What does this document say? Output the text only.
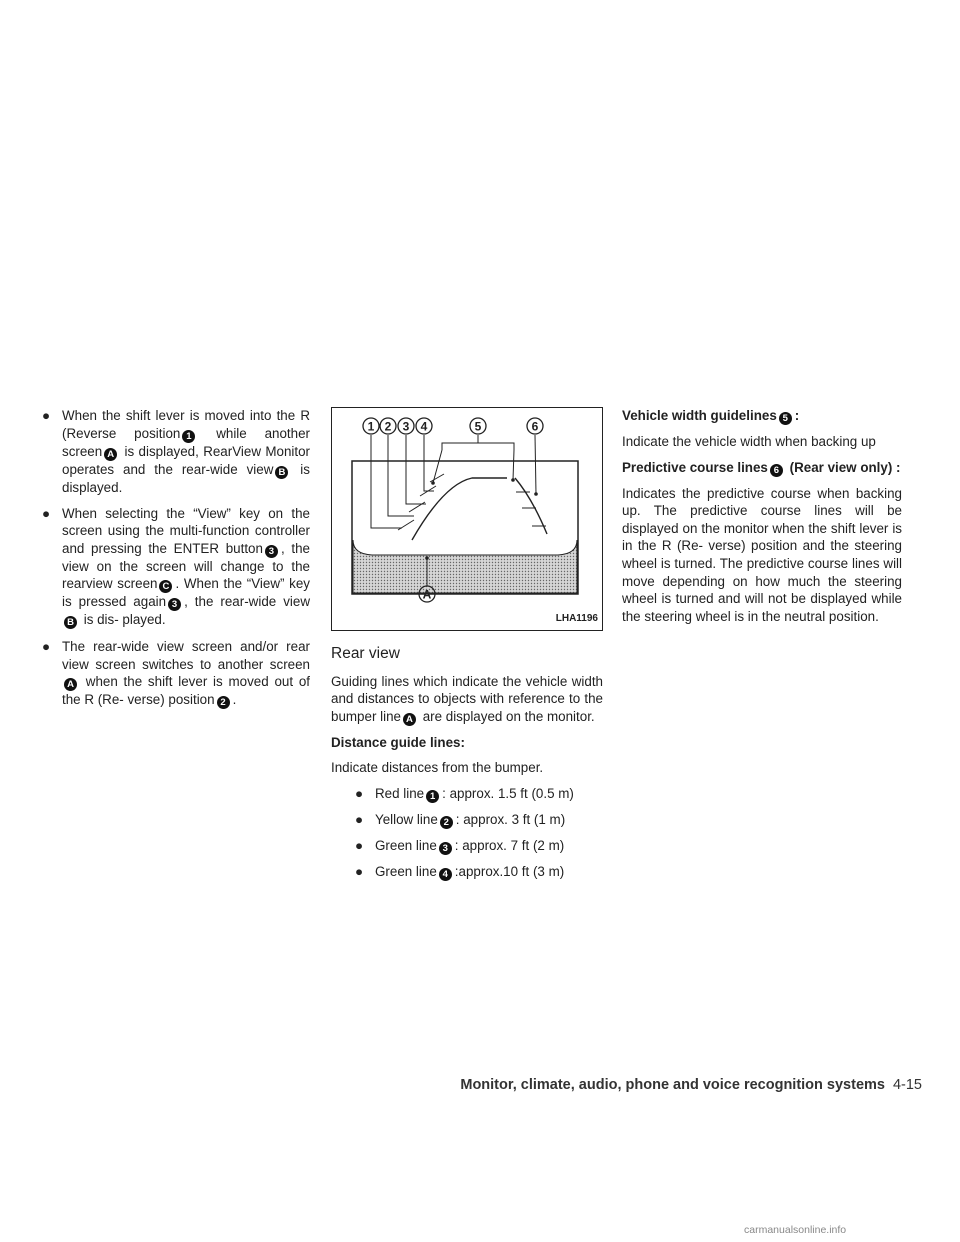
● When the shift lever is moved into the R (Reverse position 1 while another screen A is displayed, RearView Monitor operates and the rear-wide view B is displayed.
● When selecting the “View” key on the screen using the multi-function controller and pressing the ENTER button 3 , the view on the screen will change to the rearview screen C . When the “View” key is pressed again 3 , the rear-wide viewB is dis- played.
● The rear-wide view screen and/or rear view screen switches to another screenA when the shift lever is moved out of the R (Re- verse) position 2 .
1 2 3 4	5	6
A
LHA1196
Rear view
Guiding lines which indicate the vehicle width and distances to objects with reference to the bumper line A are displayed on the monitor.
Distance guide lines:
Indicate distances from the bumper.
● Red line 1 : approx. 1.5 ft (0.5 m)
● Yellow line 2 : approx. 3 ft (1 m)
● Green line 3 : approx. 7 ft (2 m)
● Green line 4 :approx.10 ft (3 m)
Vehicle width guidelines 5 :
Indicate the vehicle width when backing up
Predictive course lines 6 (Rear view only) :
Indicates the predictive course when backing up. The predictive course lines will be displayed on the monitor when the shift lever is in the R (Re- verse) position and the steering wheel is turned. The predictive course lines will move depending on how much the steering wheel is turned and will not be displayed while the steering wheel is in the neutral position.
Monitor, climate, audio, phone and voice recognition systems 4-15
carmanualsonline.info
